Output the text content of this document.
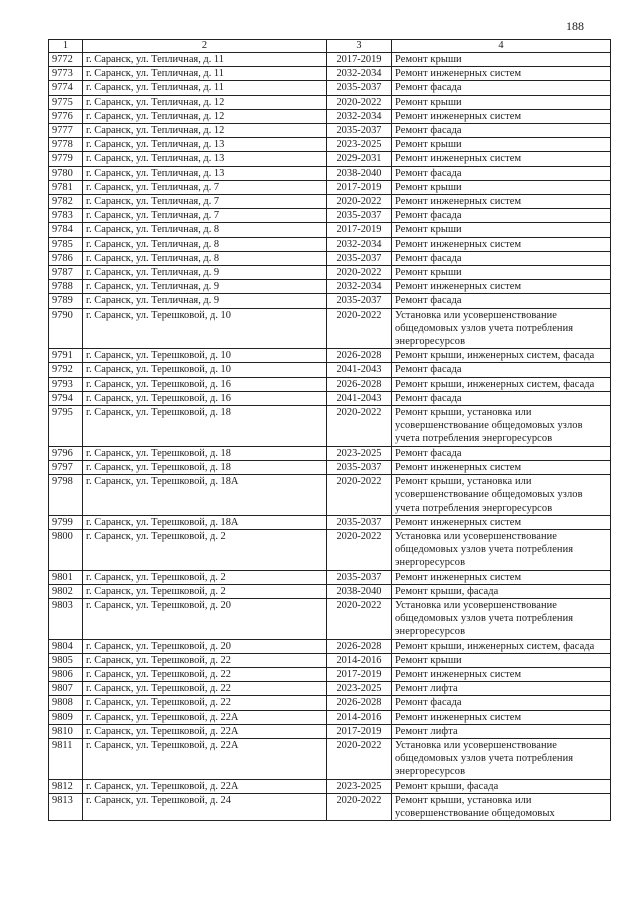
188
1	2	3	4
9772	г. Саранск, ул. Тепличная, д. 11	2017-2019	Ремонт крыши
9773	г. Саранск, ул. Тепличная, д. 11	2032-2034	Ремонт инженерных систем
9774	г. Саранск, ул. Тепличная, д. 11	2035-2037	Ремонт фасада
9775	г. Саранск, ул. Тепличная, д. 12	2020-2022	Ремонт крыши
9776	г. Саранск, ул. Тепличная, д. 12	2032-2034	Ремонт инженерных систем
9777	г. Саранск, ул. Тепличная, д. 12	2035-2037	Ремонт фасада
9778	г. Саранск, ул. Тепличная, д. 13	2023-2025	Ремонт крыши
9779	г. Саранск, ул. Тепличная, д. 13	2029-2031	Ремонт инженерных систем
9780	г. Саранск, ул. Тепличная, д. 13	2038-2040	Ремонт фасада
9781	г. Саранск, ул. Тепличная, д. 7	2017-2019	Ремонт крыши
9782	г. Саранск, ул. Тепличная, д. 7	2020-2022	Ремонт инженерных систем
9783	г. Саранск, ул. Тепличная, д. 7	2035-2037	Ремонт фасада
9784	г. Саранск, ул. Тепличная, д. 8	2017-2019	Ремонт крыши
9785	г. Саранск, ул. Тепличная, д. 8	2032-2034	Ремонт инженерных систем
9786	г. Саранск, ул. Тепличная, д. 8	2035-2037	Ремонт фасада
9787	г. Саранск, ул. Тепличная, д. 9	2020-2022	Ремонт крыши
9788	г. Саранск, ул. Тепличная, д. 9	2032-2034	Ремонт инженерных систем
9789	г. Саранск, ул. Тепличная, д. 9	2035-2037	Ремонт фасада
9790	г. Саранск, ул. Терешковой, д. 10	2020-2022	Установка или усовершенствование общедомовых узлов учета потребления энергоресурсов
9791	г. Саранск, ул. Терешковой, д. 10	2026-2028	Ремонт крыши, инженерных систем, фасада
9792	г. Саранск, ул. Терешковой, д. 10	2041-2043	Ремонт фасада
9793	г. Саранск, ул. Терешковой, д. 16	2026-2028	Ремонт крыши, инженерных систем, фасада
9794	г. Саранск, ул. Терешковой, д. 16	2041-2043	Ремонт фасада
9795	г. Саранск, ул. Терешковой, д. 18	2020-2022	Ремонт крыши, установка или усовершенствование общедомовых узлов учета потребления энергоресурсов
9796	г. Саранск, ул. Терешковой, д. 18	2023-2025	Ремонт фасада
9797	г. Саранск, ул. Терешковой, д. 18	2035-2037	Ремонт инженерных систем
9798	г. Саранск, ул. Терешковой, д. 18А	2020-2022	Ремонт крыши, установка или усовершенствование общедомовых узлов учета потребления энергоресурсов
9799	г. Саранск, ул. Терешковой, д. 18А	2035-2037	Ремонт инженерных систем
9800	г. Саранск, ул. Терешковой, д. 2	2020-2022	Установка или усовершенствование общедомовых узлов учета потребления энергоресурсов
9801	г. Саранск, ул. Терешковой, д. 2	2035-2037	Ремонт инженерных систем
9802	г. Саранск, ул. Терешковой, д. 2	2038-2040	Ремонт крыши, фасада
9803	г. Саранск, ул. Терешковой, д. 20	2020-2022	Установка или усовершенствование общедомовых узлов учета потребления энергоресурсов
9804	г. Саранск, ул. Терешковой, д. 20	2026-2028	Ремонт крыши, инженерных систем, фасада
9805	г. Саранск, ул. Терешковой, д. 22	2014-2016	Ремонт крыши
9806	г. Саранск, ул. Терешковой, д. 22	2017-2019	Ремонт инженерных систем
9807	г. Саранск, ул. Терешковой, д. 22	2023-2025	Ремонт лифта
9808	г. Саранск, ул. Терешковой, д. 22	2026-2028	Ремонт фасада
9809	г. Саранск, ул. Терешковой, д. 22А	2014-2016	Ремонт инженерных систем
9810	г. Саранск, ул. Терешковой, д. 22А	2017-2019	Ремонт лифта
9811	г. Саранск, ул. Терешковой, д. 22А	2020-2022	Установка или усовершенствование общедомовых узлов учета потребления энергоресурсов
9812	г. Саранск, ул. Терешковой, д. 22А	2023-2025	Ремонт крыши, фасада
9813	г. Саранск, ул. Терешковой, д. 24	2020-2022	Ремонт крыши, установка или усовершенствование общедомовых
